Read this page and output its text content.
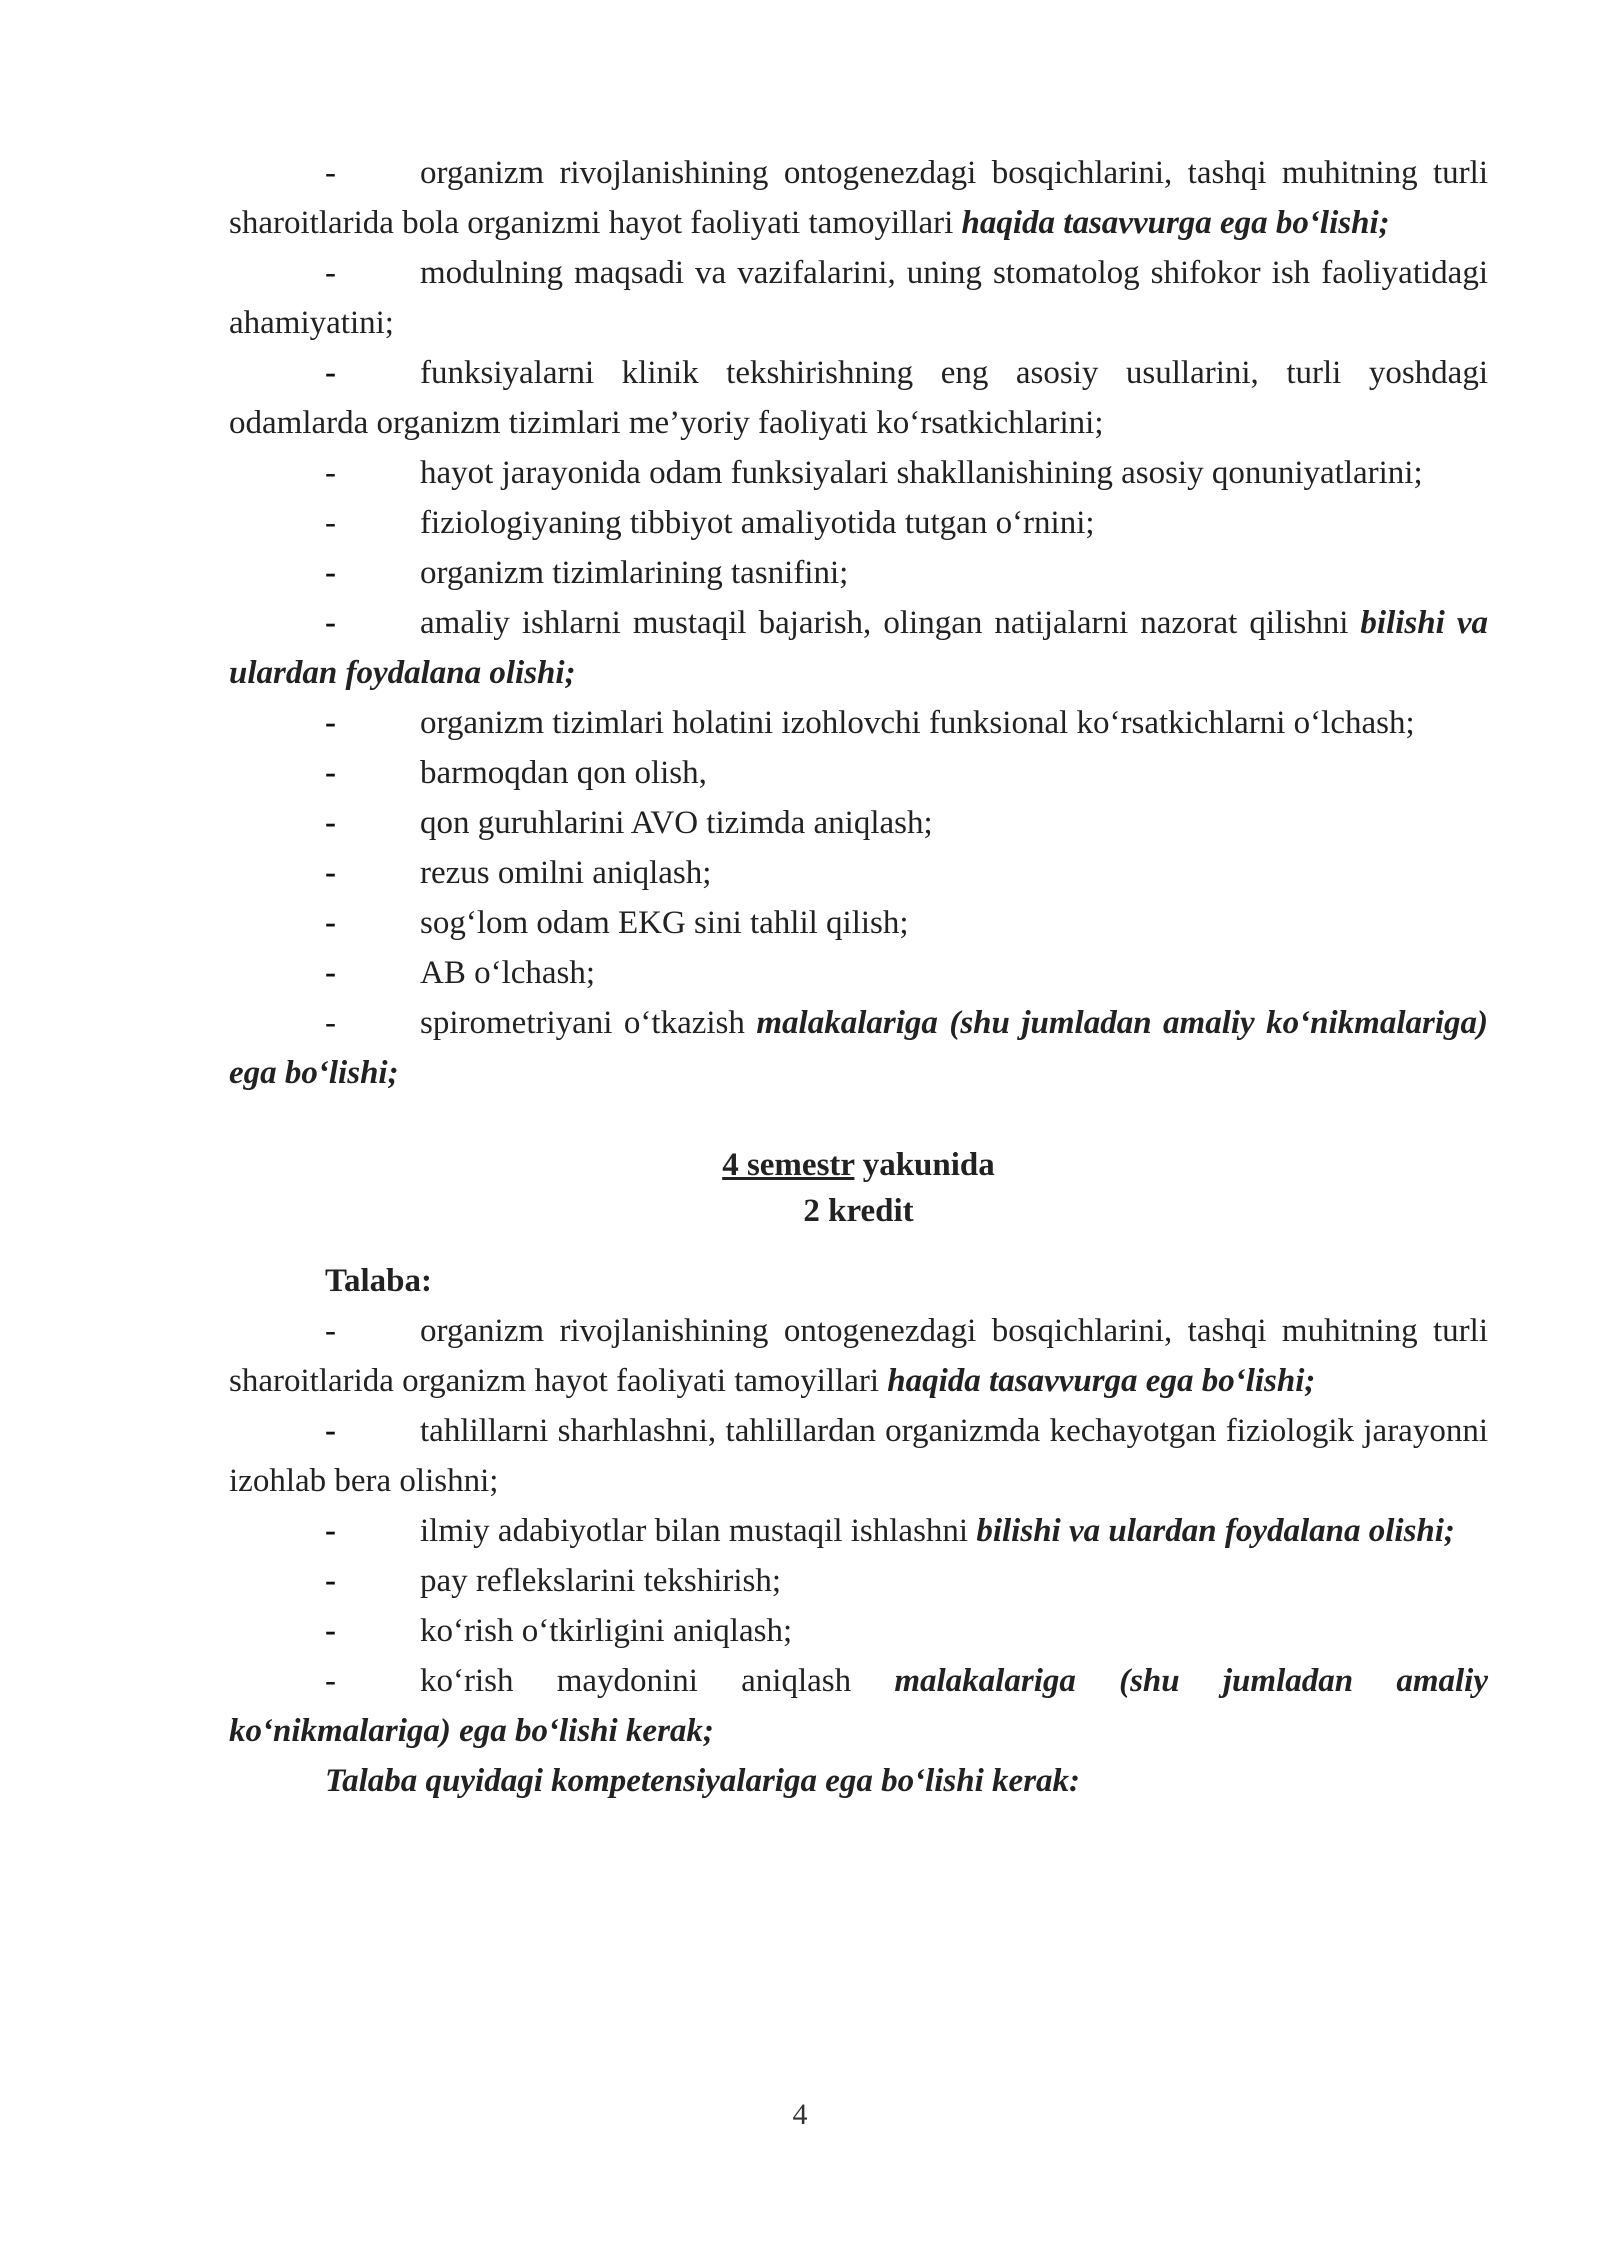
-	organizm rivojlanishining ontogenezdagi bosqichlarini, tashqi muhitning turli sharoitlarida bola organizmi hayot faoliyati tamoyillari haqida tasavvurga ega bo‘lishi;
-	modulning maqsadi va vazifalarini, uning stomatolog shifokor ish faoliyatidagi ahamiyatini;
-	funksiyalarni klinik tekshirishning eng asosiy usullarini, turli yoshdagi odamlarda organizm tizimlari me’yoriy faoliyati ko‘rsatkichlarini;
-	hayot jarayonida odam funksiyalari shakllanishining asosiy qonuniyatlarini;
-	fiziologiyaning tibbiyot amaliyotida tutgan o‘rnini;
-	organizm tizimlarining tasnifini;
-	amaliy ishlarni mustaqil bajarish, olingan natijalarni nazorat qilishni bilishi va ulardan foydalana olishi;
-	organizm tizimlari holatini izohlovchi funksional ko‘rsatkichlarni o‘lchash;
-	barmoqdan qon olish,
-	qon guruhlarini AVO tizimda aniqlash;
-	rezus omilni aniqlash;
-	sog‘lom odam EKG sini tahlil qilish;
-	AB o‘lchash;
-	spirometriyani o‘tkazish malakalariga (shu jumladan amaliy ko‘nikmalariga) ega bo‘lishi;
4 semestr yakunida
2 kredit
Talaba:
-	organizm rivojlanishining ontogenezdagi bosqichlarini, tashqi muhitning turli sharoitlarida organizm hayot faoliyati tamoyillari haqida tasavvurga ega bo‘lishi;
-	tahlillarni sharhlashni, tahlillardan organizmda kechayotgan fiziologik jarayonni izohlab bera olishni;
-	ilmiy adabiyotlar bilan mustaqil ishlashni bilishi va ulardan foydalana olishi;
-	pay reflekslarini tekshirish;
-	ko‘rish o‘tkirligini aniqlash;
-	ko‘rish maydonini aniqlash malakalariga (shu jumladan amaliy ko‘nikmalariga) ega bo‘lishi kerak;
Talaba quyidagi kompetensiyalariga ega bo‘lishi kerak:
4
